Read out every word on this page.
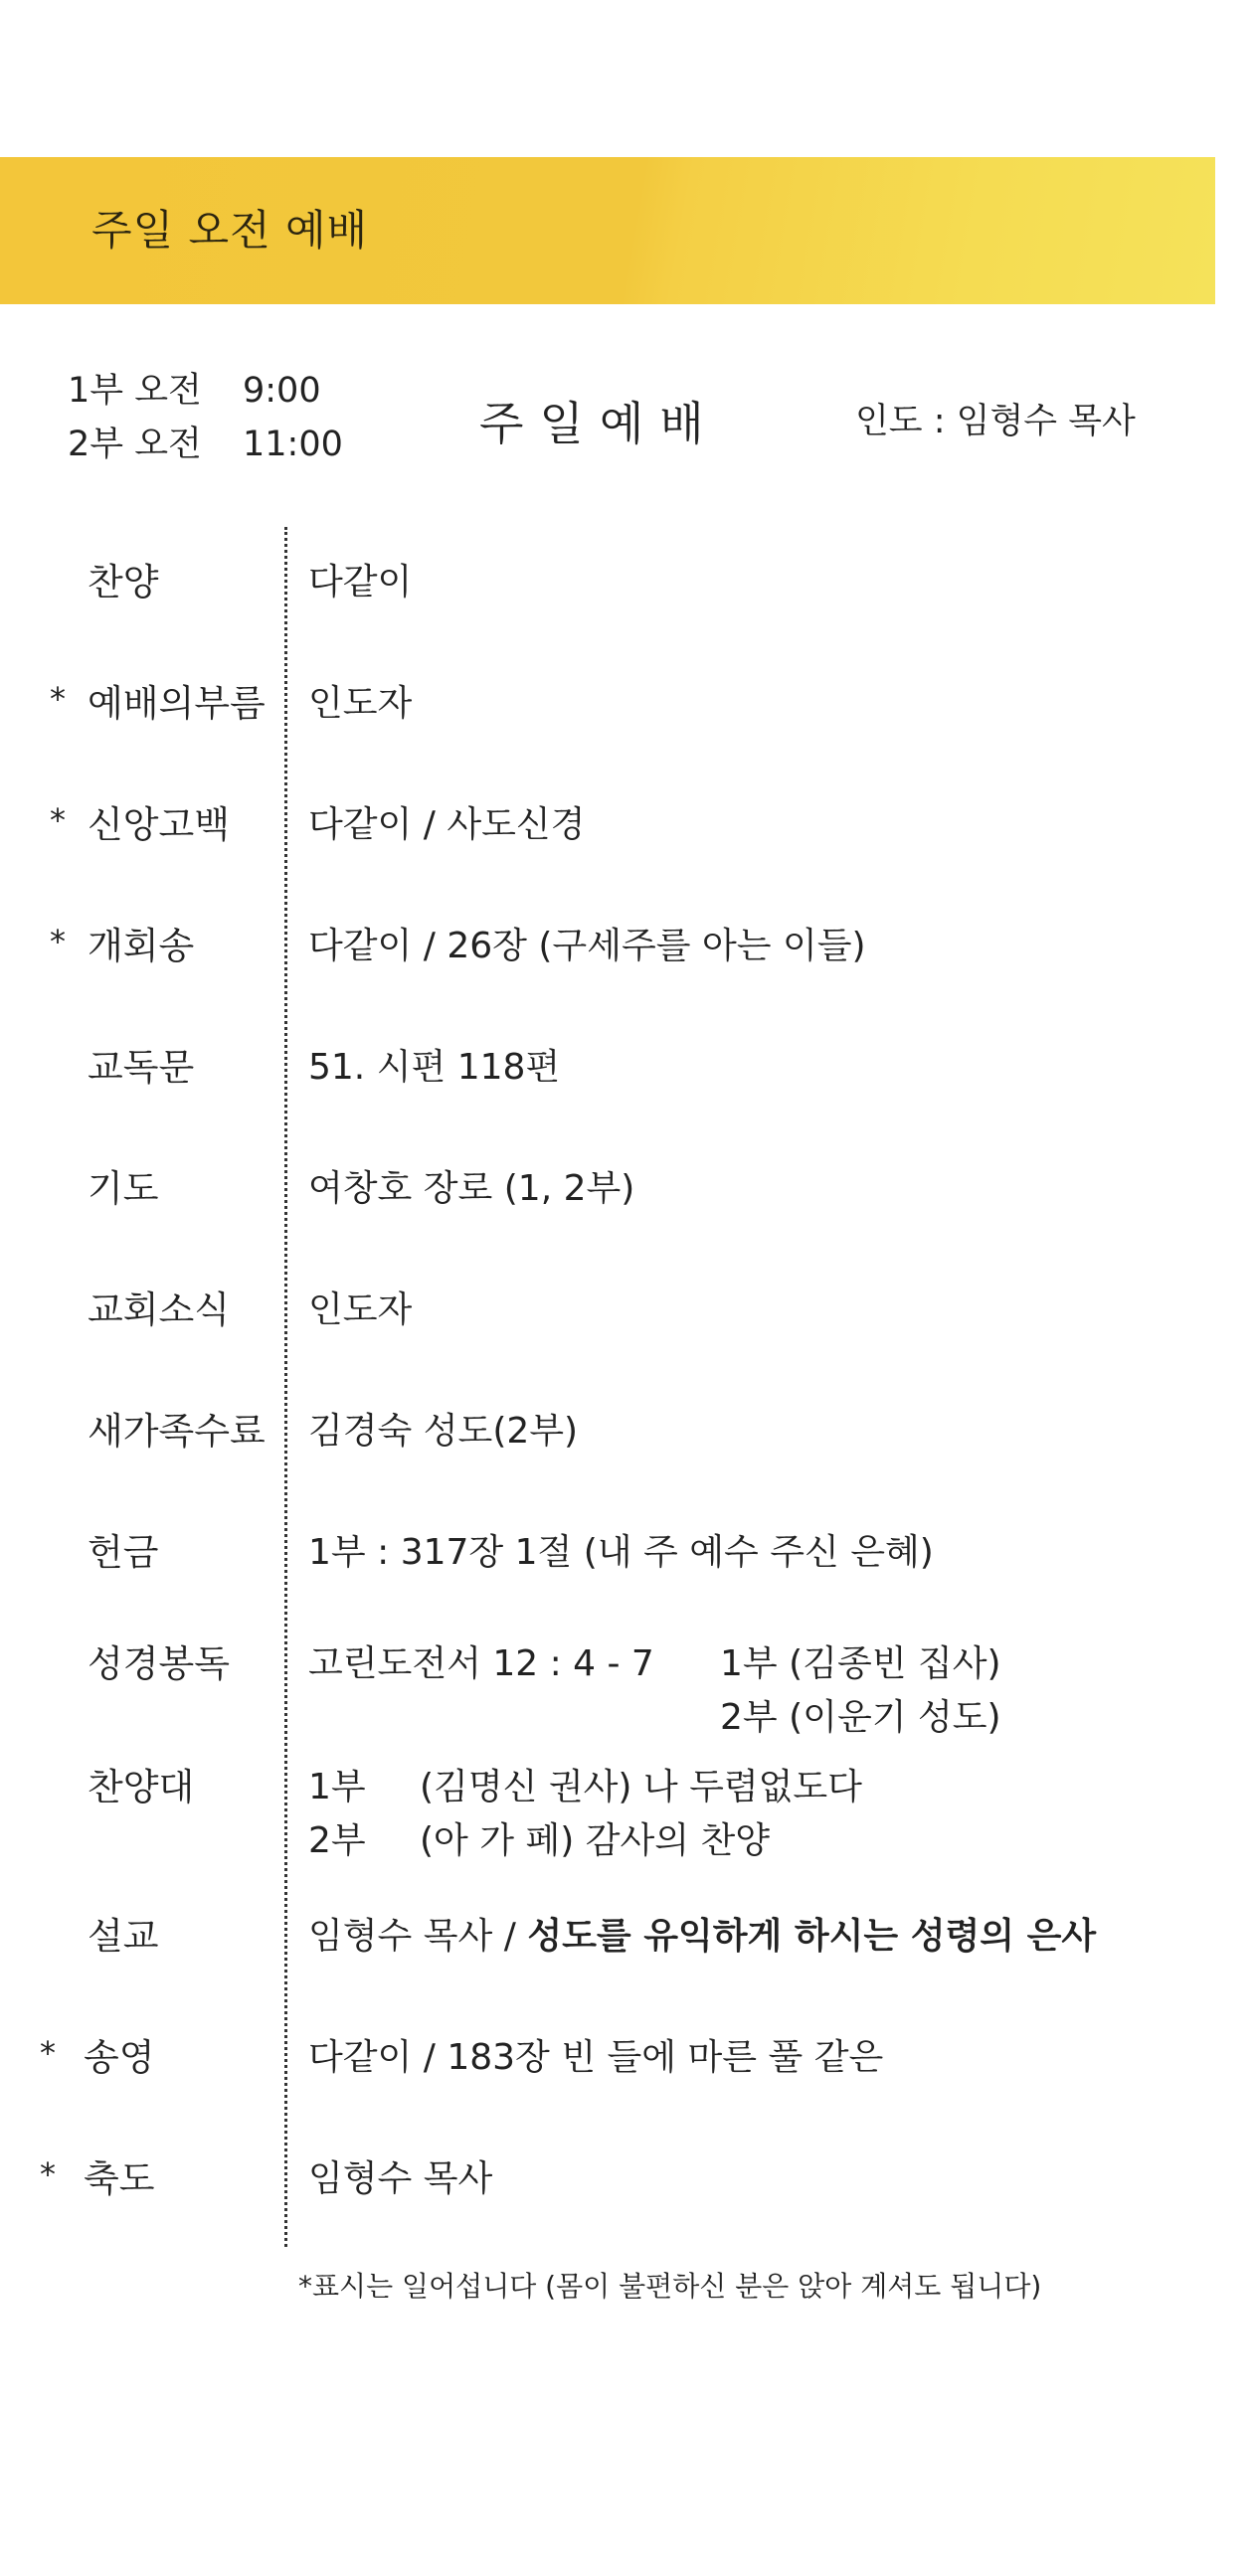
주일 오전 예배
1부 오전 9:00
2부 오전 11:00	주일예배	인도 : 임형수 목사
찬양	다같이
* 예배의부름	인도자
* 신앙고백	다같이 / 사도신경
* 개회송	다같이 / 26장 (구세주를 아는 이들)
교독문	51. 시편 118편
기도	여창호 장로 (1, 2부)
교회소식	인도자
새가족수료	김경숙 성도(2부)
헌금	1부 : 317장 1절 (내 주 예수 주신 은혜)
성경봉독	고린도전서 12 : 4 - 7 1부 (김종빈 집사)
2부 (이운기 성도)
찬양대	1부 (김명신 권사) 나 두렴없도다
2부 (아 가 페) 감사의 찬양
설교	임형수 목사 / 성도를 유익하게 하시는 성령의 은사
* 송영	다같이 / 183장 빈 들에 마른 풀 같은
* 축도	임형수 목사
*표시는 일어섭니다 (몸이 불편하신 분은 앉아 계셔도 됩니다)
